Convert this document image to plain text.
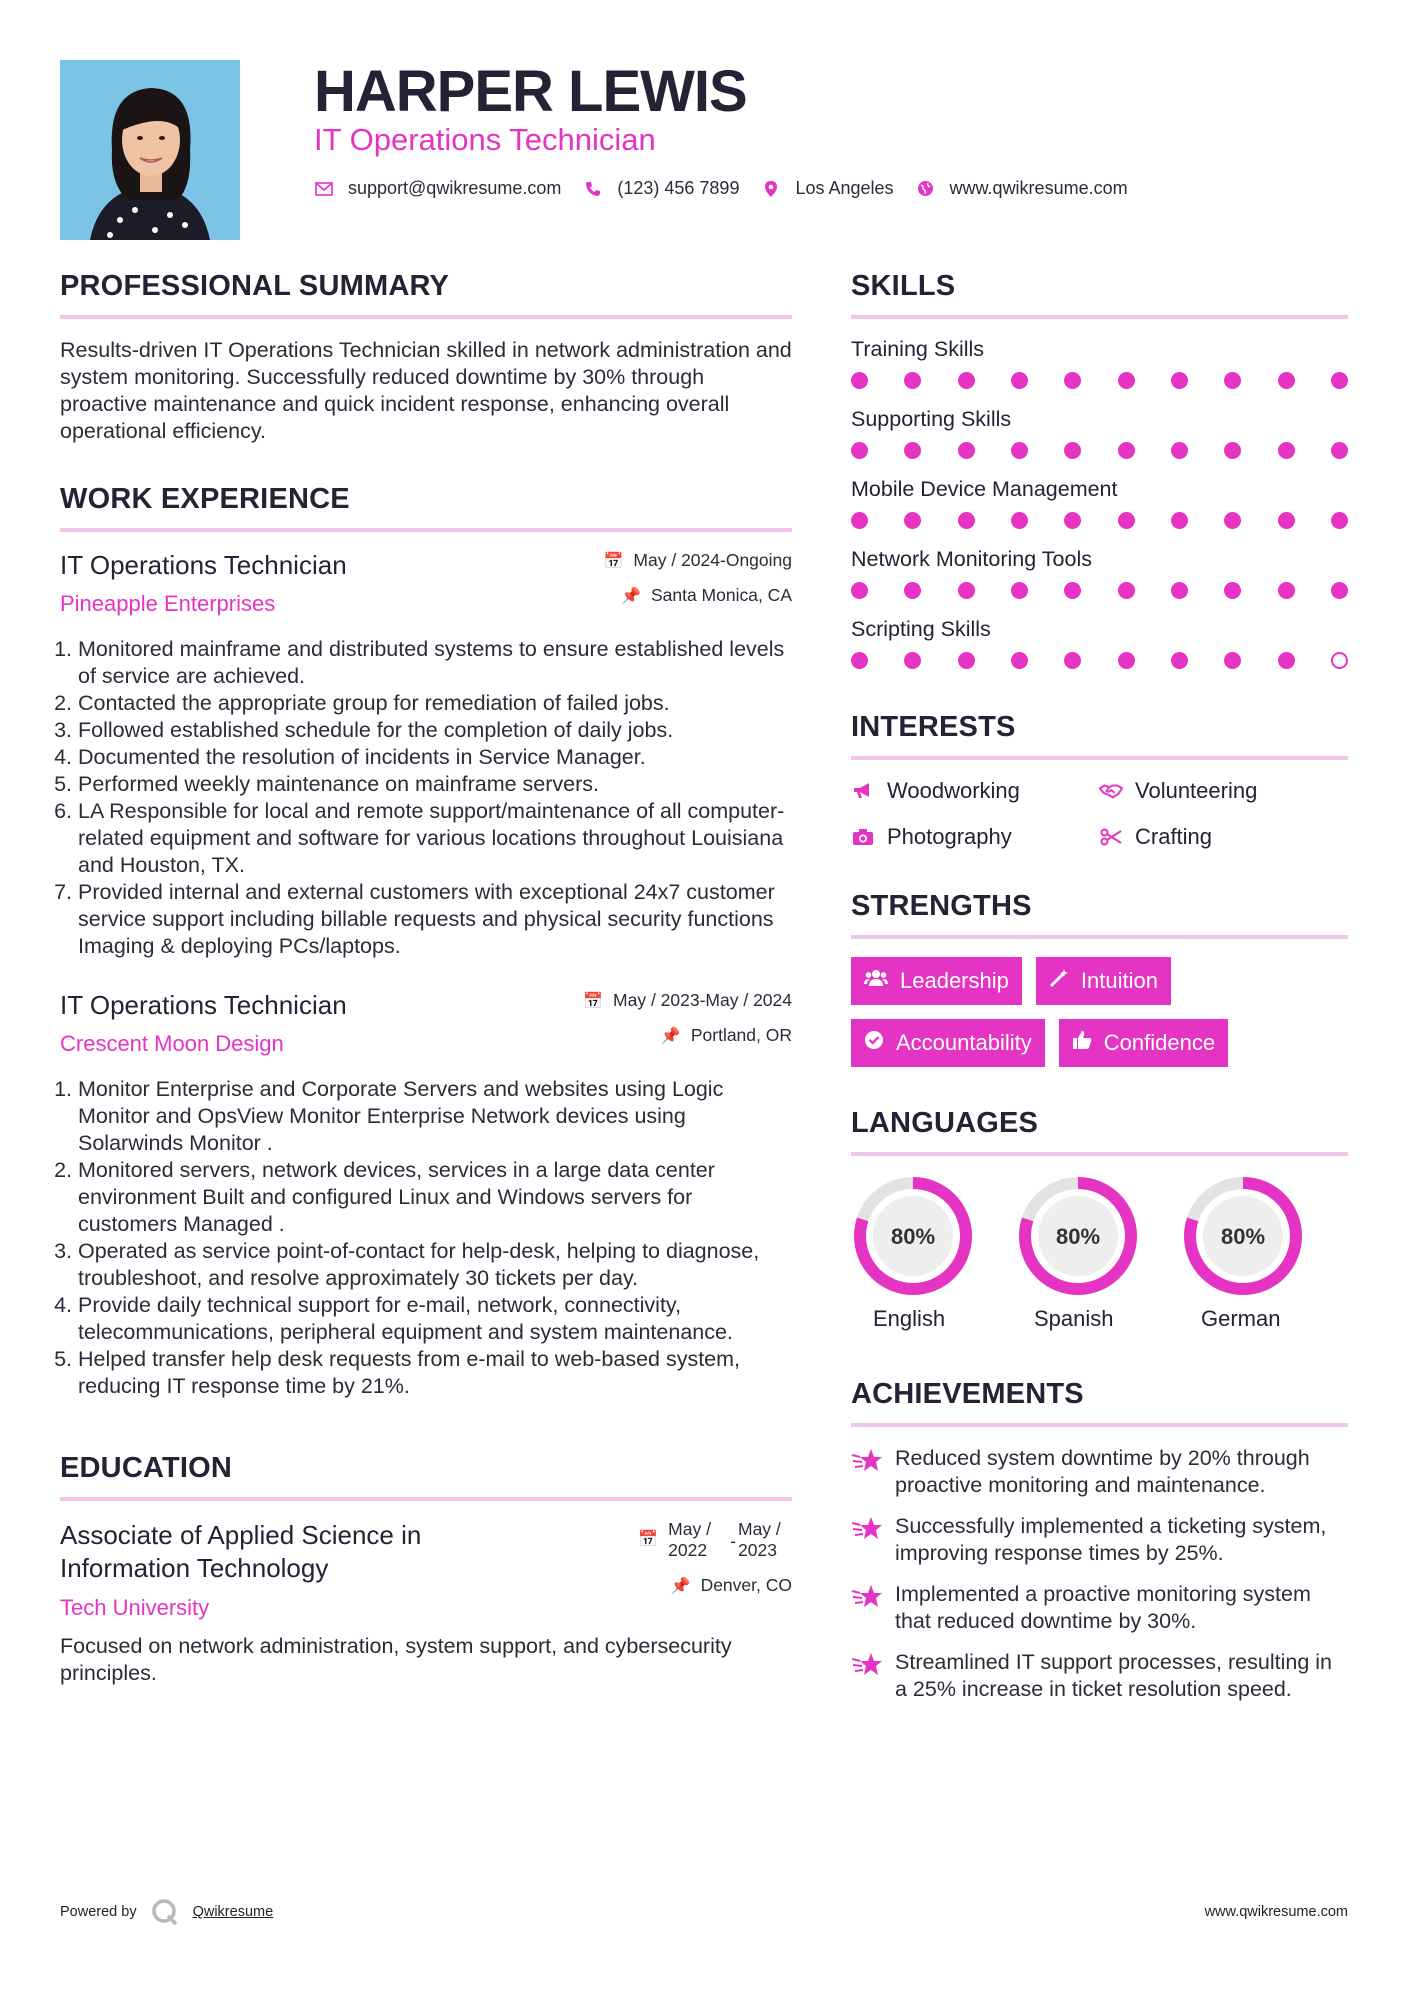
HARPER LEWIS
IT Operations Technician
support@qwikresume.com	(123) 456 7899	Los Angeles	www.qwikresume.com
PROFESSIONAL SUMMARY
Results-driven IT Operations Technician skilled in network administration and system monitoring. Successfully reduced downtime by 30% through proactive maintenance and quick incident response, enhancing overall operational efficiency.
WORK EXPERIENCE
IT Operations Technician
Pineapple Enterprises
📅 May / 2024-Ongoing
📌 Santa Monica, CA
1. Monitored mainframe and distributed systems to ensure established levels of service are achieved.
2. Contacted the appropriate group for remediation of failed jobs.
3. Followed established schedule for the completion of daily jobs.
4. Documented the resolution of incidents in Service Manager.
5. Performed weekly maintenance on mainframe servers.
6. LA Responsible for local and remote support/maintenance of all computer-related equipment and software for various locations throughout Louisiana and Houston, TX.
7. Provided internal and external customers with exceptional 24x7 customer service support including billable requests and physical security functions Imaging & deploying PCs/laptops.
IT Operations Technician
Crescent Moon Design
📅 May / 2023-May / 2024
📌 Portland, OR
1. Monitor Enterprise and Corporate Servers and websites using Logic Monitor and OpsView Monitor Enterprise Network devices using Solarwinds Monitor .
2. Monitored servers, network devices, services in a large data center environment Built and configured Linux and Windows servers for customers Managed .
3. Operated as service point-of-contact for help-desk, helping to diagnose, troubleshoot, and resolve approximately 30 tickets per day.
4. Provide daily technical support for e-mail, network, connectivity, telecommunications, peripheral equipment and system maintenance.
5. Helped transfer help desk requests from e-mail to web-based system, reducing IT response time by 21%.
EDUCATION
Associate of Applied Science in Information Technology
Tech University
📅
May / 2022	-
May / 2023
📌 Denver, CO
Focused on network administration, system support, and cybersecurity principles.
SKILLS
Training Skills
Supporting Skills
Mobile Device Management
Network Monitoring Tools
Scripting Skills
INTERESTS
Woodworking	Volunteering
Photography	Crafting
STRENGTHS
Leadership	Intuition
Accountability	Confidence
LANGUAGES
80%
English
80%
Spanish
80%
German
ACHIEVEMENTS
Reduced system downtime by 20% through proactive monitoring and maintenance.
Successfully implemented a ticketing system, improving response times by 25%.
Implemented a proactive monitoring system that reduced downtime by 30%.
Streamlined IT support processes, resulting in a 25% increase in ticket resolution speed.
Powered by	Qwikresume	www.qwikresume.com
